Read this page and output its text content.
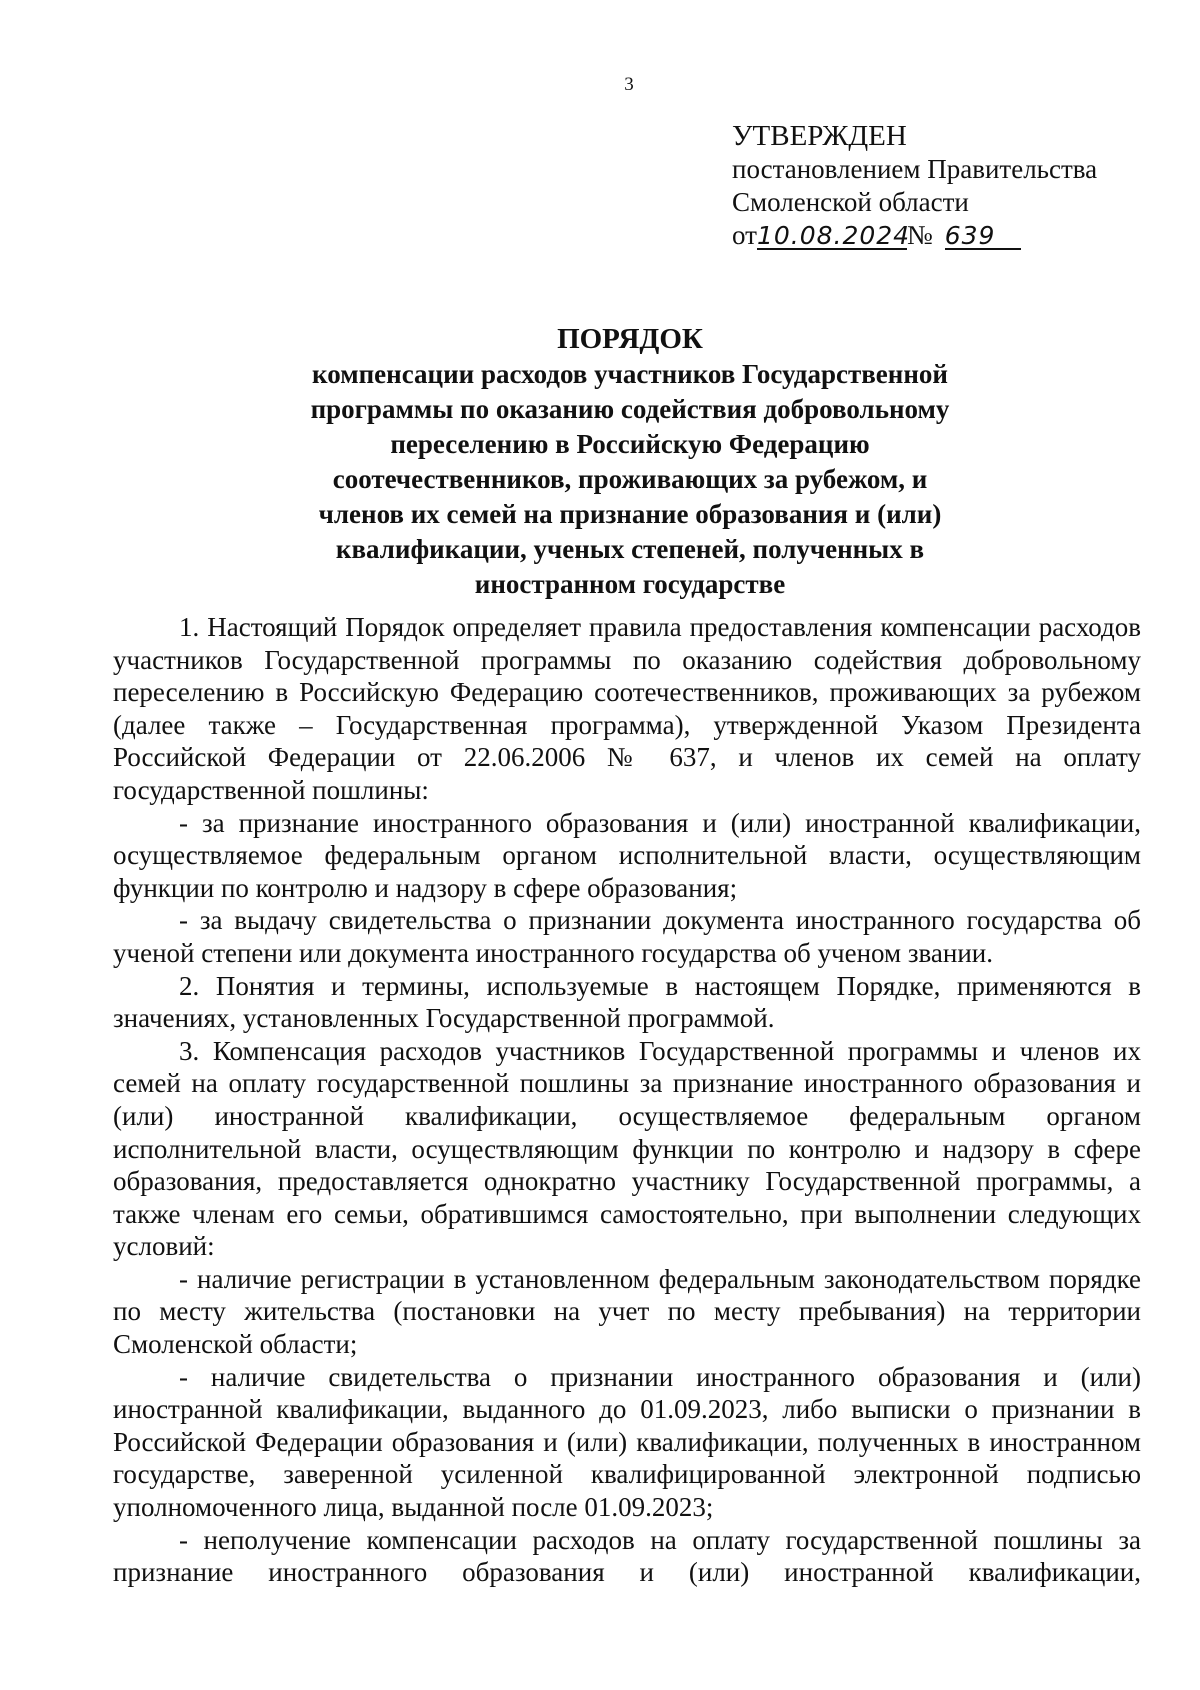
3
УТВЕРЖДЕН
постановлением Правительства
Смоленской области
от10.08.2024№ 639
ПОРЯДОК
компенсации расходов участников Государственной
программы по оказанию содействия добровольному
переселению в Российскую Федерацию
соотечественников, проживающих за рубежом, и
членов их семей на признание образования и (или)
квалификации, ученых степеней, полученных в
иностранном государстве

1. Настоящий Порядок определяет правила предоставления компенсации расходов участников Государственной программы по оказанию содействия добровольному переселению в Российскую Федерацию соотечественников, проживающих за рубежом (далее также – Государственная программа), утвержденной Указом Президента Российской Федерации от 22.06.2006 № 637, и членов их семей на оплату государственной пошлины:

- за признание иностранного образования и (или) иностранной квалификации, осуществляемое федеральным органом исполнительной власти, осуществляющим функции по контролю и надзору в сфере образования;

- за выдачу свидетельства о признании документа иностранного государства об ученой степени или документа иностранного государства об ученом звании.

2. Понятия и термины, используемые в настоящем Порядке, применяются в значениях, установленных Государственной программой.

3. Компенсация расходов участников Государственной программы и членов их семей на оплату государственной пошлины за признание иностранного образования и (или) иностранной квалификации, осуществляемое федеральным органом исполнительной власти, осуществляющим функции по контролю и надзору в сфере образования, предоставляется однократно участнику Государственной программы, а также членам его семьи, обратившимся самостоятельно, при выполнении следующих условий:

- наличие регистрации в установленном федеральным законодательством порядке по месту жительства (постановки на учет по месту пребывания) на территории Смоленской области;

- наличие свидетельства о признании иностранного образования и (или) иностранной квалификации, выданного до 01.09.2023, либо выписки о признании в Российской Федерации образования и (или) квалификации, полученных в иностранном государстве, заверенной усиленной квалифицированной электронной подписью уполномоченного лица, выданной после 01.09.2023;

- неполучение компенсации расходов на оплату государственной пошлины за признание иностранного образования и (или) иностранной квалификации,
